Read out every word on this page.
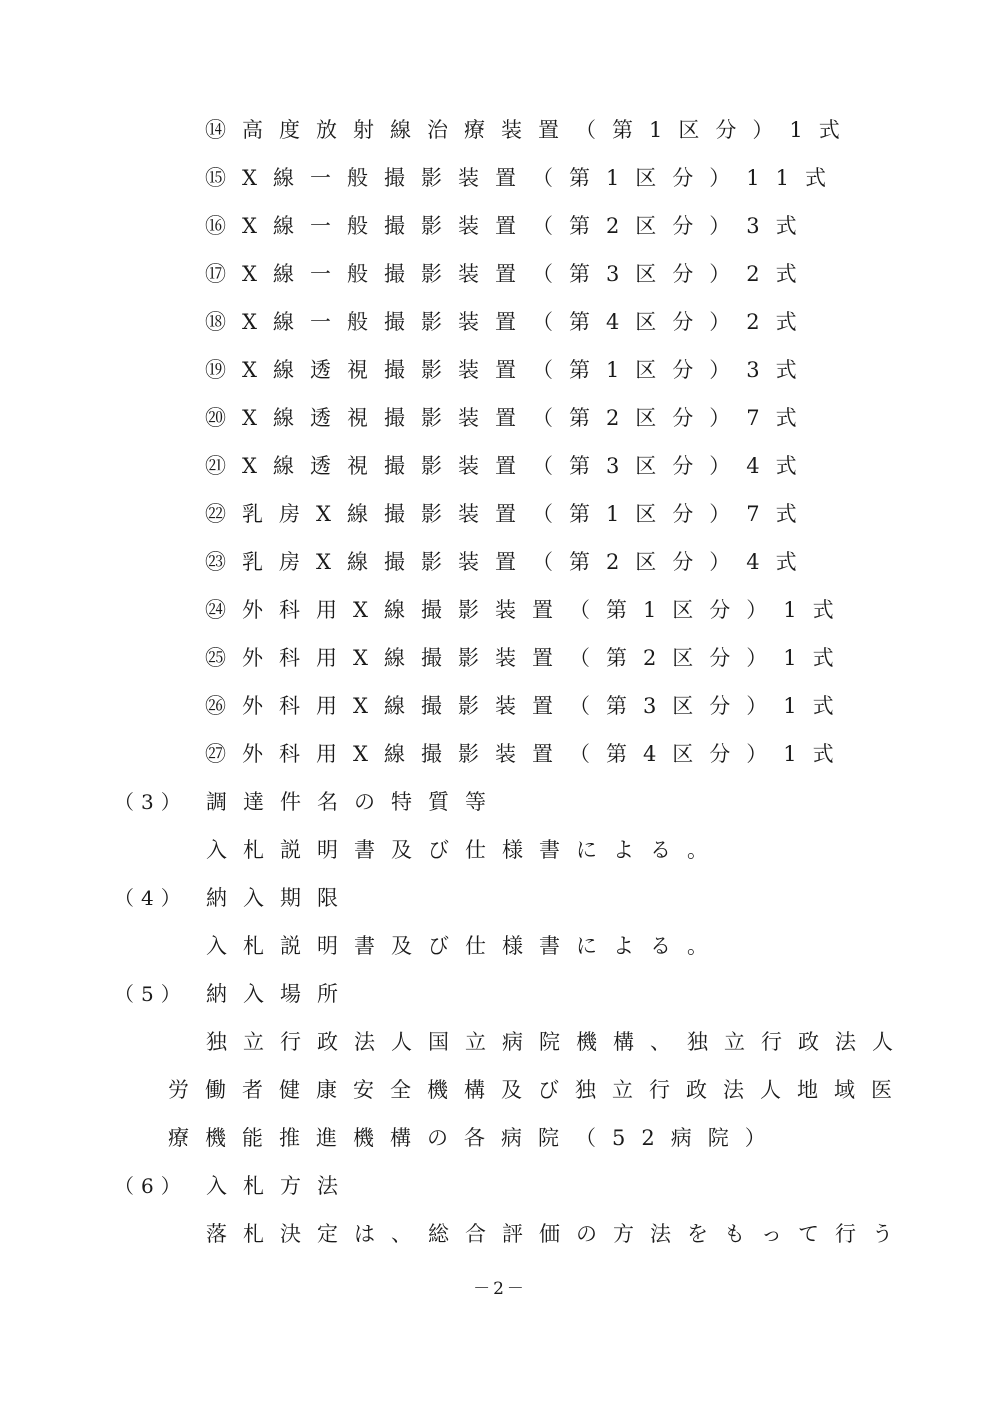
⑭高度放射線治療装置（第1区分）1式
⑮X線一般撮影装置（第1区分）11式
⑯X線一般撮影装置（第2区分）3式
⑰X線一般撮影装置（第3区分）2式
⑱X線一般撮影装置（第4区分）2式
⑲X線透視撮影装置（第1区分）3式
⑳X線透視撮影装置（第2区分）7式
㉑X線透視撮影装置（第3区分）4式
㉒乳房X線撮影装置（第1区分）7式
㉓乳房X線撮影装置（第2区分）4式
㉔外科用X線撮影装置（第1区分）1式
㉕外科用X線撮影装置（第2区分）1式
㉖外科用X線撮影装置（第3区分）1式
㉗外科用X線撮影装置（第4区分）1式
（3） 調達件名の特質等
入札説明書及び仕様書による。
（4） 納入期限
入札説明書及び仕様書による。
（5） 納入場所
独立行政法人国立病院機構、独立行政法人
労働者健康安全機構及び独立行政法人地域医
療機能推進機構の各病院（52病院）
（6） 入札方法
落札決定は、総合評価の方法をもって行う
－2－
